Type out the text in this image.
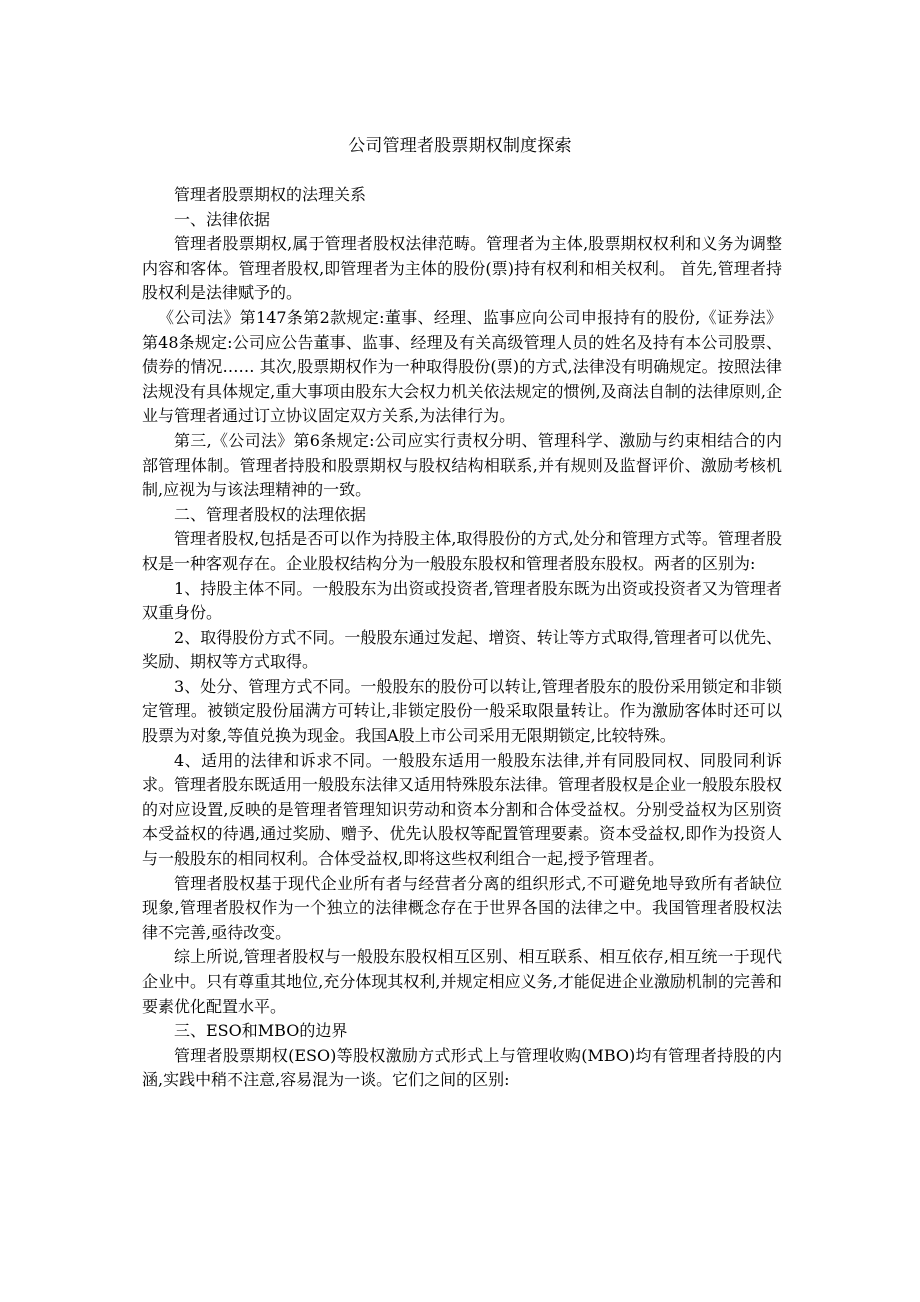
公司管理者股票期权制度探索

管理者股票期权的法理关系

一、法律依据

管理者股票期权,属于管理者股权法律范畴。管理者为主体,股票期权权利和义务为调整内容和客体。管理者股权,即管理者为主体的股份(票)持有权利和相关权利。 首先,管理者持股权利是法律赋予的。

《公司法》第147条第2款规定:董事、经理、监事应向公司申报持有的股份,《证券法》第48条规定:公司应公告董事、监事、经理及有关高级管理人员的姓名及持有本公司股票、债券的情况…… 其次,股票期权作为一种取得股份(票)的方式,法律没有明确规定。按照法律法规没有具体规定,重大事项由股东大会权力机关依法规定的惯例,及商法自制的法律原则,企业与管理者通过订立协议固定双方关系,为法律行为。

第三,《公司法》第6条规定:公司应实行责权分明、管理科学、激励与约束相结合的内部管理体制。管理者持股和股票期权与股权结构相联系,并有规则及监督评价、激励考核机制,应视为与该法理精神的一致。

二、管理者股权的法理依据

管理者股权,包括是否可以作为持股主体,取得股份的方式,处分和管理方式等。管理者股权是一种客观存在。企业股权结构分为一般股东股权和管理者股东股权。两者的区别为:

1、持股主体不同。一般股东为出资或投资者,管理者股东既为出资或投资者又为管理者双重身份。

2、取得股份方式不同。一般股东通过发起、增资、转让等方式取得,管理者可以优先、奖励、期权等方式取得。

3、处分、管理方式不同。一般股东的股份可以转让,管理者股东的股份采用锁定和非锁定管理。被锁定股份届满方可转让,非锁定股份一般采取限量转让。作为激励客体时还可以股票为对象,等值兑换为现金。我国A股上市公司采用无限期锁定,比较特殊。

4、适用的法律和诉求不同。一般股东适用一般股东法律,并有同股同权、同股同利诉求。管理者股东既适用一般股东法律又适用特殊股东法律。管理者股权是企业一般股东股权的对应设置,反映的是管理者管理知识劳动和资本分割和合体受益权。分别受益权为区别资本受益权的待遇,通过奖励、赠予、优先认股权等配置管理要素。资本受益权,即作为投资人与一般股东的相同权利。合体受益权,即将这些权利组合一起,授予管理者。

管理者股权基于现代企业所有者与经营者分离的组织形式,不可避免地导致所有者缺位现象,管理者股权作为一个独立的法律概念存在于世界各国的法律之中。我国管理者股权法律不完善,亟待改变。

综上所说,管理者股权与一般股东股权相互区别、相互联系、相互依存,相互统一于现代企业中。只有尊重其地位,充分体现其权利,并规定相应义务,才能促进企业激励机制的完善和要素优化配置水平。

三、ESO和MBO的边界

管理者股票期权(ESO)等股权激励方式形式上与管理收购(MBO)均有管理者持股的内涵,实践中稍不注意,容易混为一谈。它们之间的区别:
